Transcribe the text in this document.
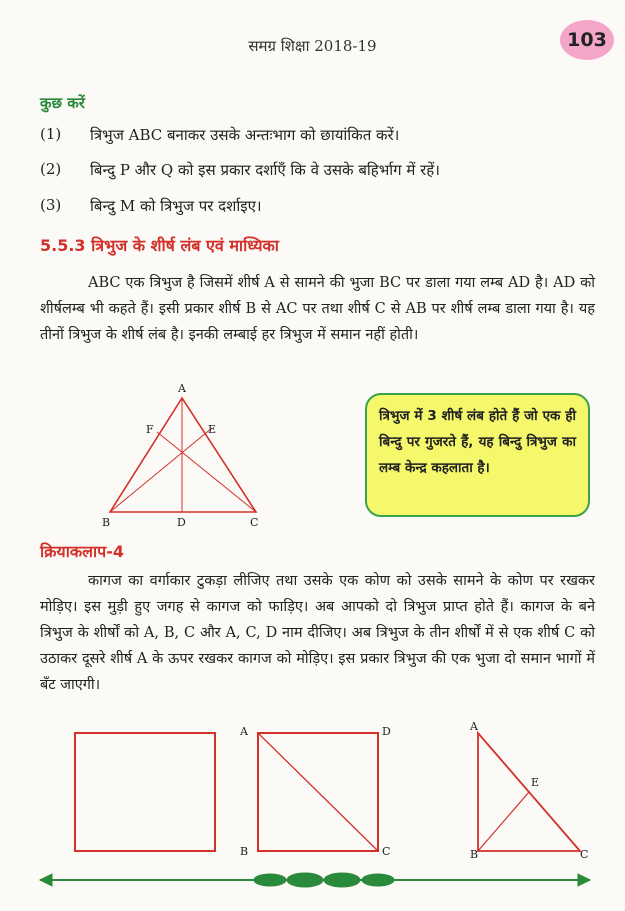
समग्र शिक्षा 2018-19	103
कुछ करें
(1)	त्रिभुज ABC बनाकर उसके अन्तःभाग को छायांकित करें।
(2)	बिन्दु P और Q को इस प्रकार दर्शाएँ कि वे उसके बहिर्भाग में रहें।
(3)	बिन्दु M को त्रिभुज पर दर्शाइए।
5.5.3 त्रिभुज के शीर्ष लंब एवं माध्यिका

ABC एक त्रिभुज है जिसमें शीर्ष A से सामने की भुजा BC पर डाला गया लम्ब AD है। AD को शीर्षलम्ब भी कहते हैं। इसी प्रकार शीर्ष B से AC पर तथा शीर्ष C से AB पर शीर्ष लम्ब डाला गया है। यह तीनों त्रिभुज के शीर्ष लंब है। इनकी लम्बाई हर त्रिभुज में समान नहीं होती।

त्रिभुज में 3 शीर्ष लंब होते हैं जो एक ही बिन्दु पर गुजरते हैं, यह बिन्दु त्रिभुज का लम्ब केन्द्र कहलाता है।
क्रियाकलाप-4

कागज का वर्गाकार टुकड़ा लीजिए तथा उसके एक कोण को उसके सामने के कोण पर रखकर मोड़िए। इस मुड़ी हुए जगह से कागज को फाड़िए। अब आपको दो त्रिभुज प्राप्त होते हैं। कागज के बने त्रिभुज के शीर्षों को A, B, C और A, C, D नाम दीजिए। अब त्रिभुज के तीन शीर्षों में से एक शीर्ष C को उठाकर दूसरे शीर्ष A के ऊपर रखकर कागज को मोड़िए। इस प्रकार त्रिभुज की एक भुजा दो समान भागों में बँट जाएगी।

A
B	C
D
E
F
A	D
B	C
A
E
B	C
